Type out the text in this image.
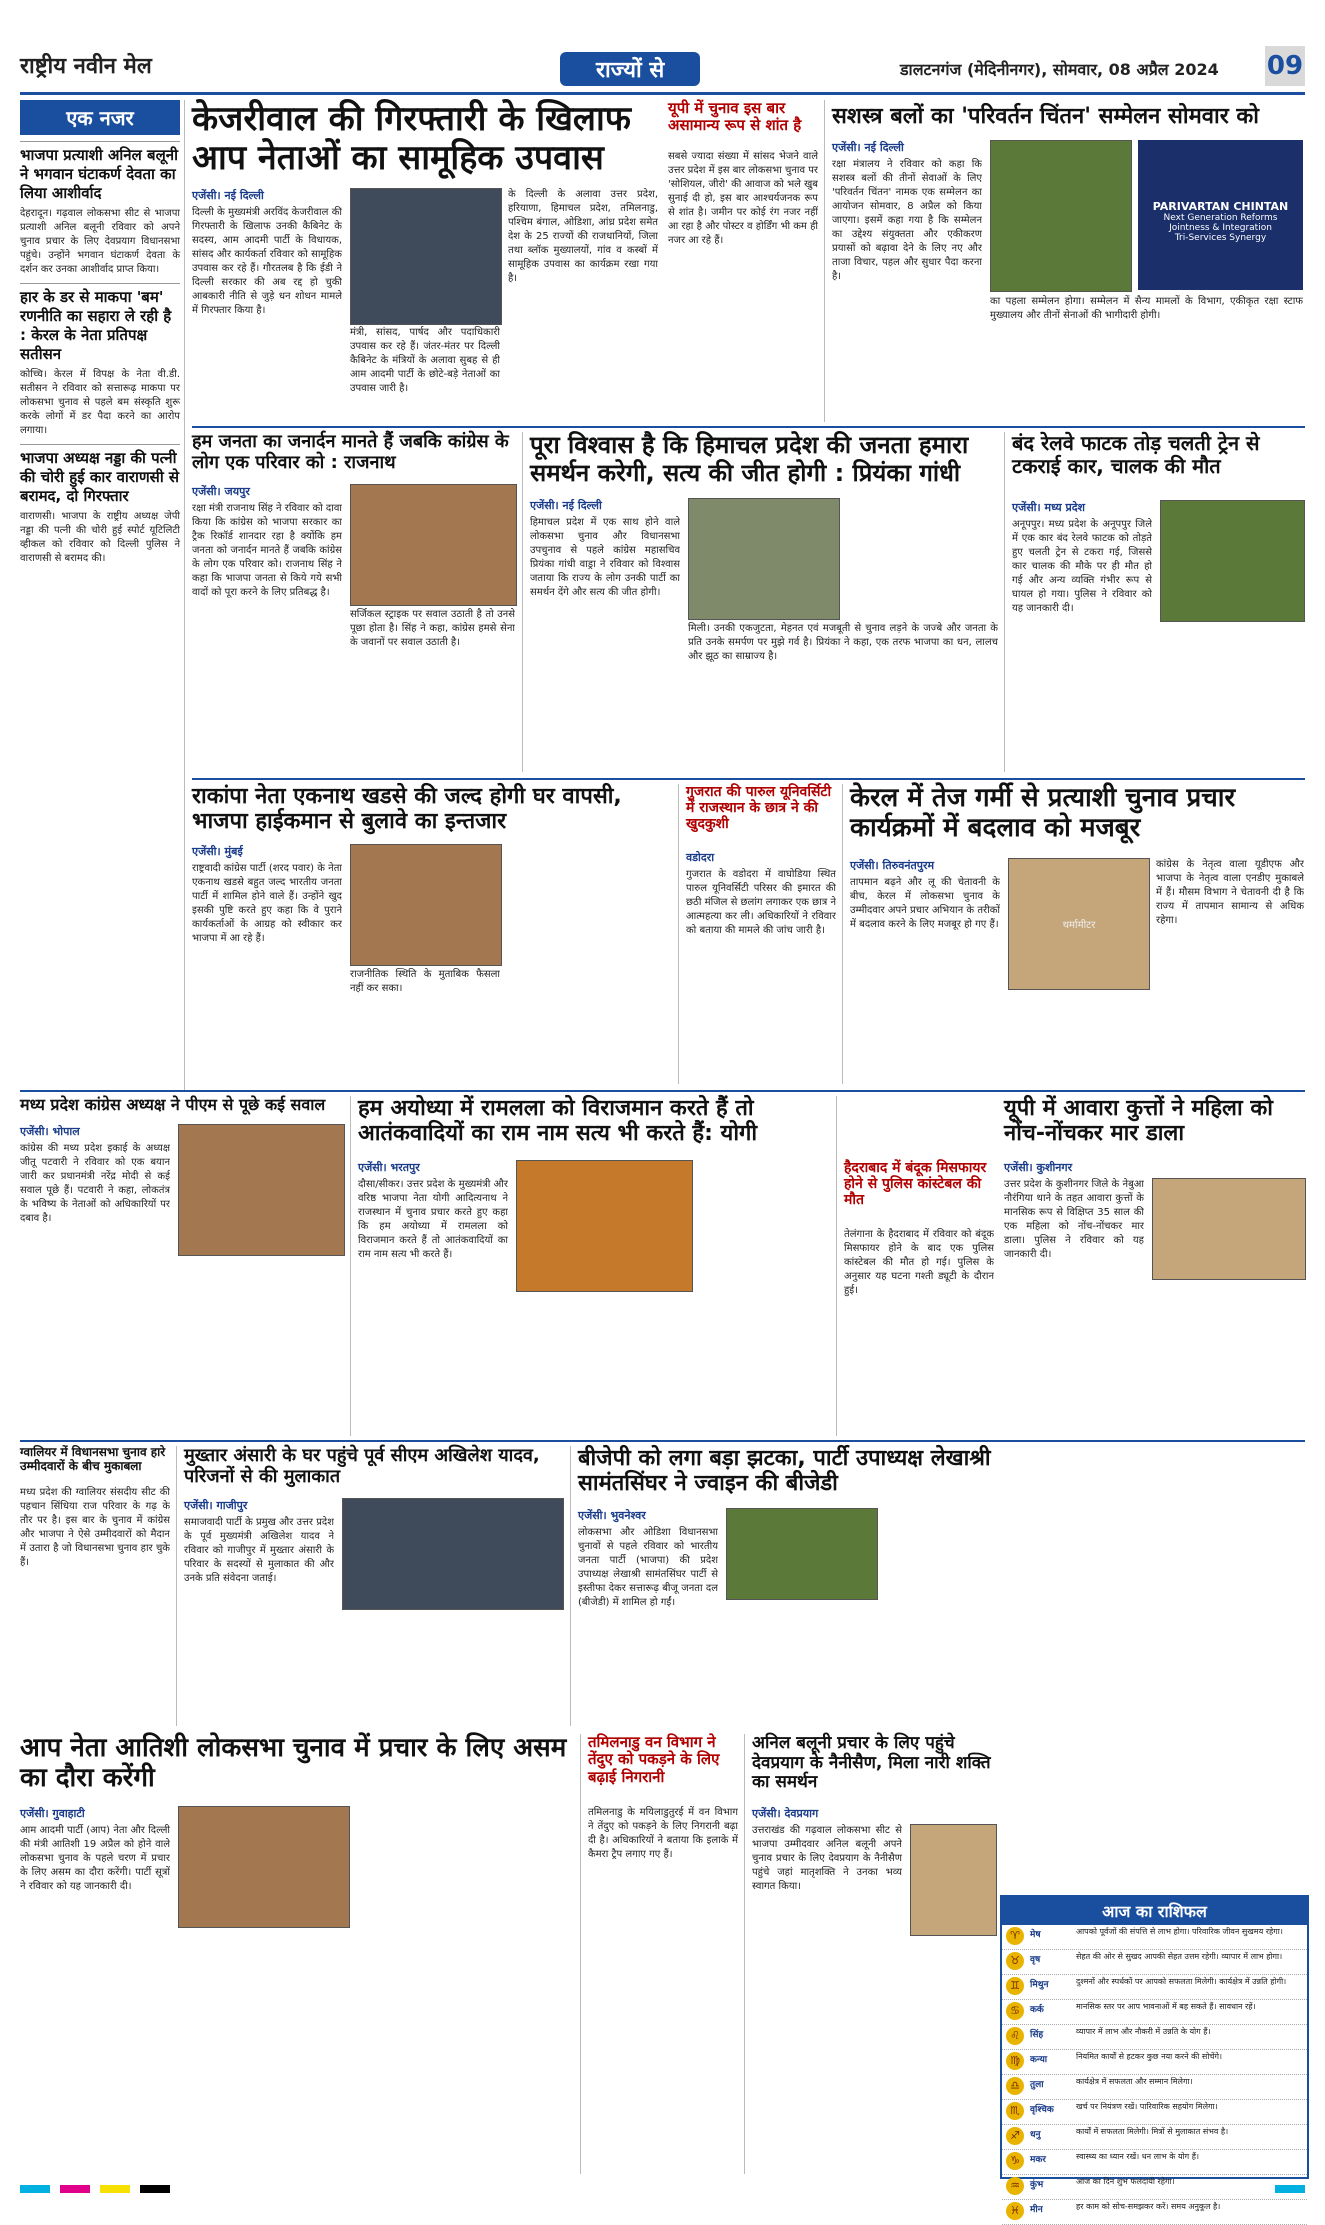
राष्ट्रीय नवीन मेल	राज्यों से	डालटनगंज (मेदिनीनगर), सोमवार, 08 अप्रैल 2024 09
एक नजर
भाजपा प्रत्याशी अनिल बलूनी ने भगवान घंटाकर्ण देवता का लिया आशीर्वाद
देहरादून। गढ़वाल लोकसभा सीट से भाजपा प्रत्याशी अनिल बलूनी रविवार को अपने चुनाव प्रचार के लिए देवप्रयाग विधानसभा पहुंचे। उन्होंने भगवान घंटाकर्ण देवता के दर्शन कर उनका आशीर्वाद प्राप्त किया।
हार के डर से माकपा 'बम' रणनीति का सहारा ले रही है : केरल के नेता प्रतिपक्ष सतीसन
कोच्चि। केरल में विपक्ष के नेता वी.डी. सतीसन ने रविवार को सत्तारूढ़ माकपा पर लोकसभा चुनाव से पहले बम संस्कृति शुरू करके लोगों में डर पैदा करने का आरोप लगाया।
भाजपा अध्यक्ष नड्डा की पत्नी की चोरी हुई कार वाराणसी से बरामद, दो गिरफ्तार
वाराणसी। भाजपा के राष्ट्रीय अध्यक्ष जेपी नड्डा की पत्नी की चोरी हुई स्पोर्ट यूटिलिटी व्हीकल को रविवार को दिल्ली पुलिस ने वाराणसी से बरामद की।
केजरीवाल की गिरफ्तारी के खिलाफ आप नेताओं का सामूहिक उपवास
एजेंसी। नई दिल्ली
दिल्ली के मुख्यमंत्री अरविंद केजरीवाल की गिरफ्तारी के खिलाफ उनकी कैबिनेट के सदस्य, आम आदमी पार्टी के विधायक, सांसद और कार्यकर्ता रविवार को सामूहिक उपवास कर रहे हैं। गौरतलब है कि ईडी ने दिल्ली सरकार की अब रद्द हो चुकी आबकारी नीति से जुड़े धन शोधन मामले में गिरफ्तार किया है।
मंत्री, सांसद, पार्षद और पदाधिकारी उपवास कर रहे हैं। जंतर-मंतर पर दिल्ली कैबिनेट के मंत्रियों के अलावा सुबह से ही आम आदमी पार्टी के छोटे-बड़े नेताओं का उपवास जारी है।
के दिल्ली के अलावा उत्तर प्रदेश, हरियाणा, हिमाचल प्रदेश, तमिलनाडु, पश्चिम बंगाल, ओडिशा, आंध्र प्रदेश समेत देश के 25 राज्यों की राजधानियों, जिला तथा ब्लॉक मुख्यालयों, गांव व कस्बों में सामूहिक उपवास का कार्यक्रम रखा गया है।
यूपी में चुनाव इस बार असामान्य रूप से शांत है
सबसे ज्यादा संख्या में सांसद भेजने वाले उत्तर प्रदेश में इस बार लोकसभा चुनाव पर 'सोशियल, जीरो' की आवाज को भले खुब सुनाई दी हो, इस बार आश्चर्यजनक रूप से शांत है। जमीन पर कोई रंग नजर नहीं आ रहा है और पोस्टर व होर्डिंग भी कम ही नजर आ रहे हैं।
सशस्त्र बलों का 'परिवर्तन चिंतन' सम्मेलन सोमवार को
एजेंसी। नई दिल्ली
रक्षा मंत्रालय ने रविवार को कहा कि सशस्त्र बलों की तीनों सेवाओं के लिए 'परिवर्तन चिंतन' नामक एक सम्मेलन का आयोजन सोमवार, 8 अप्रैल को किया जाएगा। इसमें कहा गया है कि सम्मेलन का उद्देश्य संयुक्तता और एकीकरण प्रयासों को बढ़ावा देने के लिए नए और ताजा विचार, पहल और सुधार पैदा करना है।
PARIVARTAN CHINTAN
Next Generation Reforms
Jointness & Integration
Tri-Services Synergy
का पहला सम्मेलन होगा। सम्मेलन में सैन्य मामलों के विभाग, एकीकृत रक्षा स्टाफ मुख्यालय और तीनों सेनाओं की भागीदारी होगी।
हम जनता का जनार्दन मानते हैं जबकि कांग्रेस के लोग एक परिवार को : राजनाथ
एजेंसी। जयपुर
रक्षा मंत्री राजनाथ सिंह ने रविवार को दावा किया कि कांग्रेस को भाजपा सरकार का ट्रैक रिकॉर्ड शानदार रहा है क्योंकि हम जनता को जनार्दन मानते हैं जबकि कांग्रेस के लोग एक परिवार को। राजनाथ सिंह ने कहा कि भाजपा जनता से किये गये सभी वादों को पूरा करने के लिए प्रतिबद्ध है।
सर्जिकल स्ट्राइक पर सवाल उठाती है तो उनसे पूछा होता है। सिंह ने कहा, कांग्रेस हमसे सेना के जवानों पर सवाल उठाती है।
पूरा विश्वास है कि हिमाचल प्रदेश की जनता हमारा समर्थन करेगी, सत्य की जीत होगी : प्रियंका गांधी
एजेंसी। नई दिल्ली
हिमाचल प्रदेश में एक साथ होने वाले लोकसभा चुनाव और विधानसभा उपचुनाव से पहले कांग्रेस महासचिव प्रियंका गांधी वाड्रा ने रविवार को विश्वास जताया कि राज्य के लोग उनकी पार्टी का समर्थन देंगे और सत्य की जीत होगी।
मिली। उनकी एकजुटता, मेहनत एवं मजबूती से चुनाव लड़ने के जज्बे और जनता के प्रति उनके समर्पण पर मुझे गर्व है। प्रियंका ने कहा, एक तरफ भाजपा का धन, लालच और झूठ का साम्राज्य है।
बंद रेलवे फाटक तोड़ चलती ट्रेन से टकराई कार, चालक की मौत
एजेंसी। मध्य प्रदेश
अनूपपुर। मध्य प्रदेश के अनूपपुर जिले में एक कार बंद रेलवे फाटक को तोड़ते हुए चलती ट्रेन से टकरा गई, जिससे कार चालक की मौके पर ही मौत हो गई और अन्य व्यक्ति गंभीर रूप से घायल हो गया। पुलिस ने रविवार को यह जानकारी दी।
राकांपा नेता एकनाथ खडसे की जल्द होगी घर वापसी, भाजपा हाईकमान से बुलावे का इन्तजार
एजेंसी। मुंबई
राष्ट्रवादी कांग्रेस पार्टी (शरद पवार) के नेता एकनाथ खडसे बहुत जल्द भारतीय जनता पार्टी में शामिल होने वाले हैं। उन्होंने खुद इसकी पुष्टि करते हुए कहा कि वे पुराने कार्यकर्ताओं के आग्रह को स्वीकार कर भाजपा में आ रहे हैं।
राजनीतिक स्थिति के मुताबिक फैसला नहीं कर सका।
गुजरात की पारुल यूनिवर्सिटी में राजस्थान के छात्र ने की खुदकुशी
वडोदरा
गुजरात के वडोदरा में वाघोडिया स्थित पारुल यूनिवर्सिटी परिसर की इमारत की छठी मंजिल से छलांग लगाकर एक छात्र ने आत्महत्या कर ली। अधिकारियों ने रविवार को बताया की मामले की जांच जारी है।
केरल में तेज गर्मी से प्रत्याशी चुनाव प्रचार कार्यक्रमों में बदलाव को मजबूर
एजेंसी। तिरुवनंतपुरम
तापमान बढ़ने और लू की चेतावनी के बीच, केरल में लोकसभा चुनाव के उम्मीदवार अपने प्रचार अभियान के तरीकों में बदलाव करने के लिए मजबूर हो गए हैं।	थर्मामीटर
कांग्रेस के नेतृत्व वाला यूडीएफ और भाजपा के नेतृत्व वाला एनडीए मुकाबले में हैं। मौसम विभाग ने चेतावनी दी है कि राज्य में तापमान सामान्य से अधिक रहेगा।
मध्य प्रदेश कांग्रेस अध्यक्ष ने पीएम से पूछे कई सवाल
एजेंसी। भोपाल
कांग्रेस की मध्य प्रदेश इकाई के अध्यक्ष जीतू पटवारी ने रविवार को एक बयान जारी कर प्रधानमंत्री नरेंद्र मोदी से कई सवाल पूछे हैं। पटवारी ने कहा, लोकतंत्र के भविष्य के नेताओं को अधिकारियों पर दबाव है।
हम अयोध्या में रामलला को विराजमान करते हैं तो आतंकवादियों का राम नाम सत्य भी करते हैं: योगी
एजेंसी। भरतपुर
दौसा/सीकर। उत्तर प्रदेश के मुख्यमंत्री और वरिष्ठ भाजपा नेता योगी आदित्यनाथ ने राजस्थान में चुनाव प्रचार करते हुए कहा कि हम अयोध्या में रामलला को विराजमान करते हैं तो आतंकवादियों का राम नाम सत्य भी करते हैं।
हैदराबाद में बंदूक मिसफायर होने से पुलिस कांस्टेबल की मौत
तेलंगाना के हैदराबाद में रविवार को बंदूक मिसफायर होने के बाद एक पुलिस कांस्टेबल की मौत हो गई। पुलिस के अनुसार यह घटना गश्ती ड्यूटी के दौरान हुई।
यूपी में आवारा कुत्तों ने महिला को नोंच-नोंचकर मार डाला
एजेंसी। कुशीनगर
उत्तर प्रदेश के कुशीनगर जिले के नेबुआ नौरंगिया थाने के तहत आवारा कुत्तों के मानसिक रूप से विक्षिप्त 35 साल की एक महिला को नोंच-नोंचकर मार डाला। पुलिस ने रविवार को यह जानकारी दी।
ग्वालियर में विधानसभा चुनाव हारे उम्मीदवारों के बीच मुकाबला
मध्य प्रदेश की ग्वालियर संसदीय सीट की पहचान सिंधिया राज परिवार के गढ़ के तौर पर है। इस बार के चुनाव में कांग्रेस और भाजपा ने ऐसे उम्मीदवारों को मैदान में उतारा है जो विधानसभा चुनाव हार चुके हैं।
मुख्तार अंसारी के घर पहुंचे पूर्व सीएम अखिलेश यादव, परिजनों से की मुलाकात
एजेंसी। गाजीपुर
समाजवादी पार्टी के प्रमुख और उत्तर प्रदेश के पूर्व मुख्यमंत्री अखिलेश यादव ने रविवार को गाजीपुर में मुख्तार अंसारी के परिवार के सदस्यों से मुलाकात की और उनके प्रति संवेदना जताई।
बीजेपी को लगा बड़ा झटका, पार्टी उपाध्यक्ष लेखाश्री सामंतसिंघर ने ज्वाइन की बीजेडी
एजेंसी। भुवनेश्वर
लोकसभा और ओडिशा विधानसभा चुनावों से पहले रविवार को भारतीय जनता पार्टी (भाजपा) की प्रदेश उपाध्यक्ष लेखाश्री सामंतसिंघर पार्टी से इस्तीफा देकर सत्तारूढ़ बीजू जनता दल (बीजेडी) में शामिल हो गईं।
आज का राशिफल
♈	मेष	आपको पूर्वजों की संपत्ति से लाभ होगा। परिवारिक जीवन सुखमय रहेगा।
♉	वृष	सेहत की ओर से सुखद आपकी सेहत उत्तम रहेगी। व्यापार में लाभ होगा।
♊	मिथुन	दुश्मनों और स्पर्धकों पर आपको सफलता मिलेगी। कार्यक्षेत्र में उन्नति होगी।
♋	कर्क	मानसिक स्तर पर आप भावनाओं में बह सकते हैं। सावधान रहें।
♌	सिंह	व्यापार में लाभ और नौकरी में उन्नति के योग हैं।
♍	कन्या	नियमित कार्यों से हटकर कुछ नया करने की सोचेंगे।
♎	तुला	कार्यक्षेत्र में सफलता और सम्मान मिलेगा।
♏	वृश्चिक	खर्च पर नियंत्रण रखें। पारिवारिक सहयोग मिलेगा।
♐	धनु	कार्यों में सफलता मिलेगी। मित्रों से मुलाकात संभव है।
♑	मकर	स्वास्थ्य का ध्यान रखें। धन लाभ के योग हैं।
♒	कुंभ	आज का दिन शुभ फलदायी रहेगा।
♓	मीन	हर काम को सोच-समझकर करें। समय अनुकूल है।
आप नेता आतिशी लोकसभा चुनाव में प्रचार के लिए असम का दौरा करेंगी
एजेंसी। गुवाहाटी
आम आदमी पार्टी (आप) नेता और दिल्ली की मंत्री आतिशी 19 अप्रैल को होने वाले लोकसभा चुनाव के पहले चरण में प्रचार के लिए असम का दौरा करेंगी। पार्टी सूत्रों ने रविवार को यह जानकारी दी।
तमिलनाडु वन विभाग ने तेंदुए को पकड़ने के लिए बढ़ाई निगरानी
तमिलनाडु के मयिलाडुतुरई में वन विभाग ने तेंदुए को पकड़ने के लिए निगरानी बढ़ा दी है। अधिकारियों ने बताया कि इलाके में कैमरा ट्रैप लगाए गए हैं।
अनिल बलूनी प्रचार के लिए पहुंचे देवप्रयाग के नैनीसैण, मिला नारी शक्ति का समर्थन
एजेंसी। देवप्रयाग
उत्तराखंड की गढ़वाल लोकसभा सीट से भाजपा उम्मीदवार अनिल बलूनी अपने चुनाव प्रचार के लिए देवप्रयाग के नैनीसैण पहुंचे जहां मातृशक्ति ने उनका भव्य स्वागत किया।
